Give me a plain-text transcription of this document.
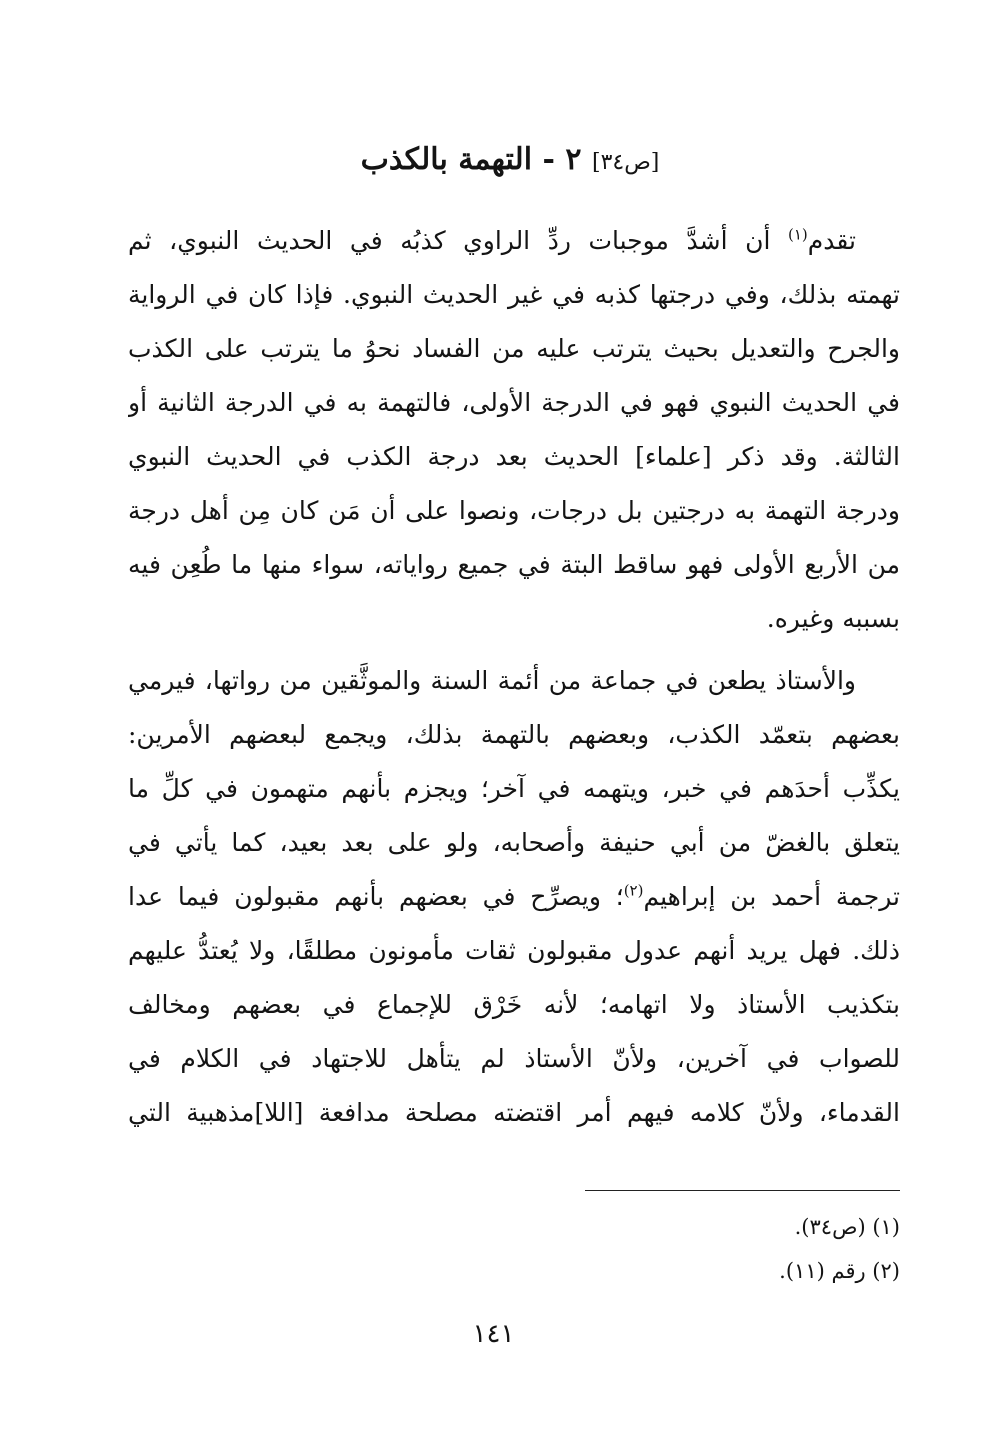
[ص٣٤] ٢ - التهمة بالكذب
تقدم$^{(١)}$ أن أشدَّ موجبات ردِّ الراوي كذبُه في الحديث النبوي، ثم
تهمته بذلك، وفي درجتها كذبه في غير الحديث النبوي. فإذا كان في الرواية
والجرح والتعديل بحيث يترتب عليه من الفساد نحوُ ما يترتب على الكذب
في الحديث النبوي فهو في الدرجة الأولى، فالتهمة به في الدرجة الثانية أو
الثالثة. وقد ذكر [علماء] الحديث بعد درجة الكذب في الحديث النبوي
ودرجة التهمة به درجتين بل درجات، ونصوا على أن مَن كان مِن أهل درجة
من الأربع الأولى فهو ساقط البتة في جميع رواياته، سواء منها ما طُعِن فيه
بسببه وغيره.
والأستاذ يطعن في جماعة من أئمة السنة والموثَّقين من رواتها، فيرمي
بعضهم بتعمّد الكذب، وبعضهم بالتهمة بذلك، ويجمع لبعضهم الأمرين:
يكذِّب أحدَهم في خبر، ويتهمه في آخر؛ ويجزم بأنهم متهمون في كلِّ ما
يتعلق بالغضّ من أبي حنيفة وأصحابه، ولو على بعد بعيد، كما يأتي في
ترجمة أحمد بن إبراهيم$^{(٢)}$؛ ويصرِّح في بعضهم بأنهم مقبولون فيما عدا
ذلك. فهل يريد أنهم عدول مقبولون ثقات مأمونون مطلقًا، ولا يُعتدُّ عليهم
بتكذيب الأستاذ ولا اتهامه؛ لأنه خَرْق للإجماع في بعضهم ومخالف
للصواب في آخرين، ولأنّ الأستاذ لم يتأهل للاجتهاد في الكلام في
القدماء، ولأنّ كلامه فيهم أمر اقتضته مصلحة مدافعة [اللا]مذهبية التي
(١) (ص٣٤).
(٢) رقم (١١).
١٤١
